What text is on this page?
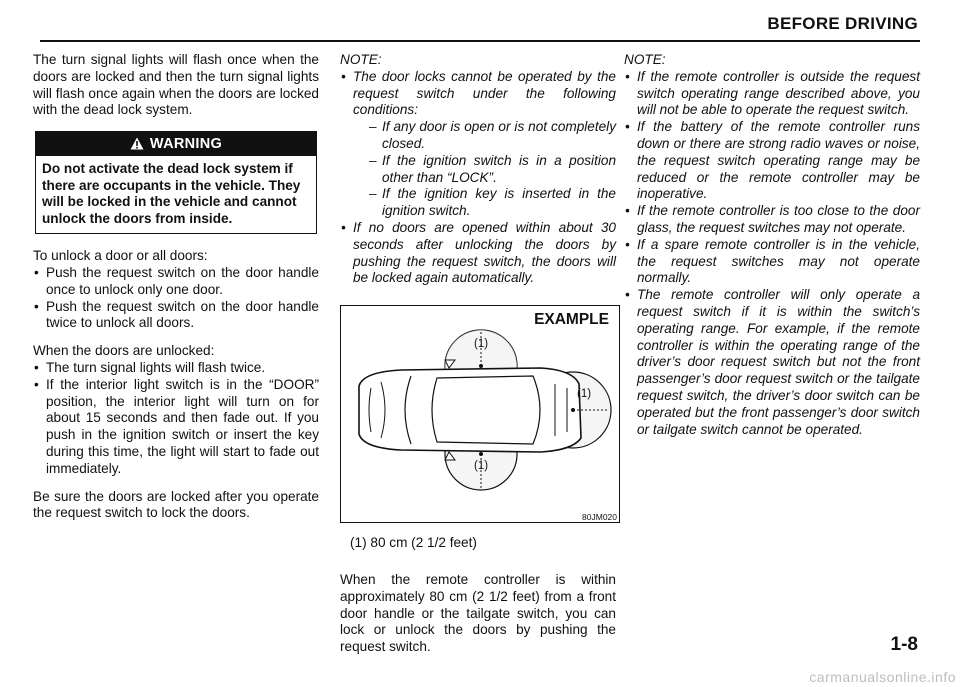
BEFORE DRIVING

The turn signal lights will flash once when the doors are locked and then the turn signal lights will flash once again when the doors are locked with the dead lock system.

WARNING
Do not activate the dead lock system if there are occupants in the vehicle. They will be locked in the vehicle and cannot unlock the doors from inside.

To unlock a door or all doors:

• Push the request switch on the door handle once to unlock only one door.
• Push the request switch on the door handle twice to unlock all doors.

When the doors are unlocked:

• The turn signal lights will flash twice.
• If the interior light switch is in the “DOOR” position, the interior light will turn on for about 15 seconds and then fade out. If you push in the ignition switch or insert the key during this time, the light will start to fade out immediately.

Be sure the doors are locked after you operate the request switch to lock the doors.

NOTE:

• The door locks cannot be operated by the request switch under the following conditions:
– If any door is open or is not completely closed.
– If the ignition switch is in a position other than “LOCK”.
– If the ignition key is inserted in the ignition switch.
• If no doors are opened within about 30 seconds after unlocking the doors by pushing the request switch, the doors will be locked again automatically.
EXAMPLE
(1)
(1)
(1)
80JM020

(1) 80 cm (2 1/2 feet)

When the remote controller is within approximately 80 cm (2 1/2 feet) from a front door handle or the tailgate switch, you can lock or unlock the doors by pushing the request switch.

NOTE:

• If the remote controller is outside the request switch operating range described above, you will not be able to operate the request switch.
• If the battery of the remote controller runs down or there are strong radio waves or noise, the request switch operating range may be reduced or the remote controller may be inoperative.
• If the remote controller is too close to the door glass, the request switches may not operate.
• If a spare remote controller is in the vehicle, the request switches may not operate normally.
• The remote controller will only operate a request switch if it is within the switch’s operating range. For example, if the remote controller is within the operating range of the driver’s door request switch but not the front passenger’s door request switch or the tailgate request switch, the driver’s door switch can be operated but the front passenger’s door switch or tailgate switch cannot be operated.
1-8
carmanualsonline.info
